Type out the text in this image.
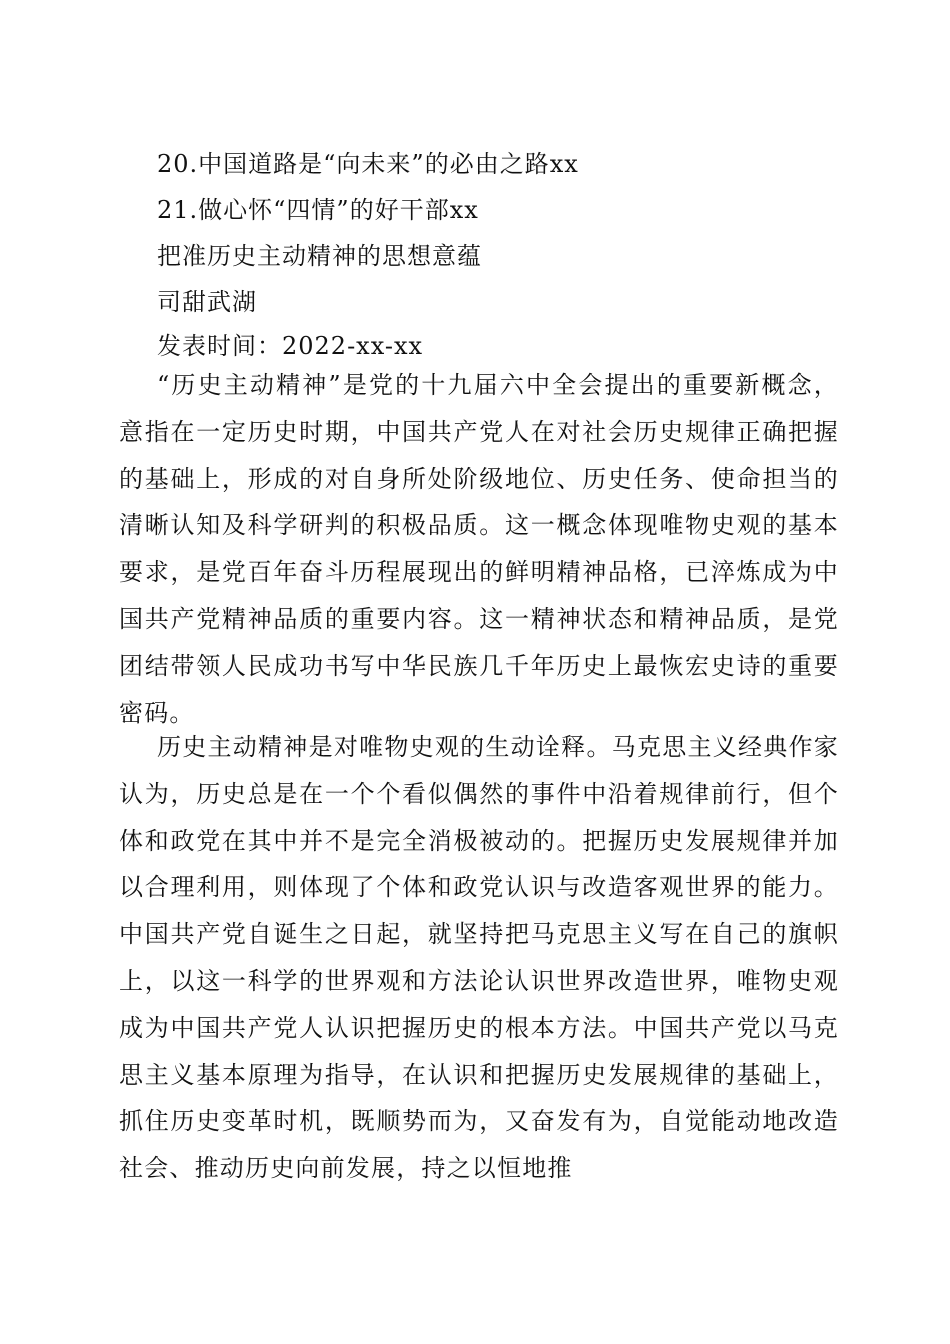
20.中国道路是“向未来”的必由之路xx
21.做心怀“四情”的好干部xx
把准历史主动精神的思想意蕴
司甜武湖
发表时间：2022-xx-xx
“历史主动精神”是党的十九届六中全会提出的重要新概念，意指在一定历史时期，中国共产党人在对社会历史规律正确把握的基础上，形成的对自身所处阶级地位、历史任务、使命担当的清晰认知及科学研判的积极品质。这一概念体现唯物史观的基本要求，是党百年奋斗历程展现出的鲜明精神品格，已淬炼成为中国共产党精神品质的重要内容。这一精神状态和精神品质，是党团结带领人民成功书写中华民族几千年历史上最恢宏史诗的重要密码。
历史主动精神是对唯物史观的生动诠释。马克思主义经典作家认为，历史总是在一个个看似偶然的事件中沿着规律前行，但个体和政党在其中并不是完全消极被动的。把握历史发展规律并加以合理利用，则体现了个体和政党认识与改造客观世界的能力。中国共产党自诞生之日起，就坚持把马克思主义写在自己的旗帜上，以这一科学的世界观和方法论认识世界改造世界，唯物史观成为中国共产党人认识把握历史的根本方法。中国共产党以马克思主义基本原理为指导，在认识和把握历史发展规律的基础上，抓住历史变革时机，既顺势而为，又奋发有为，自觉能动地改造社会、推动历史向前发展，持之以恒地推
